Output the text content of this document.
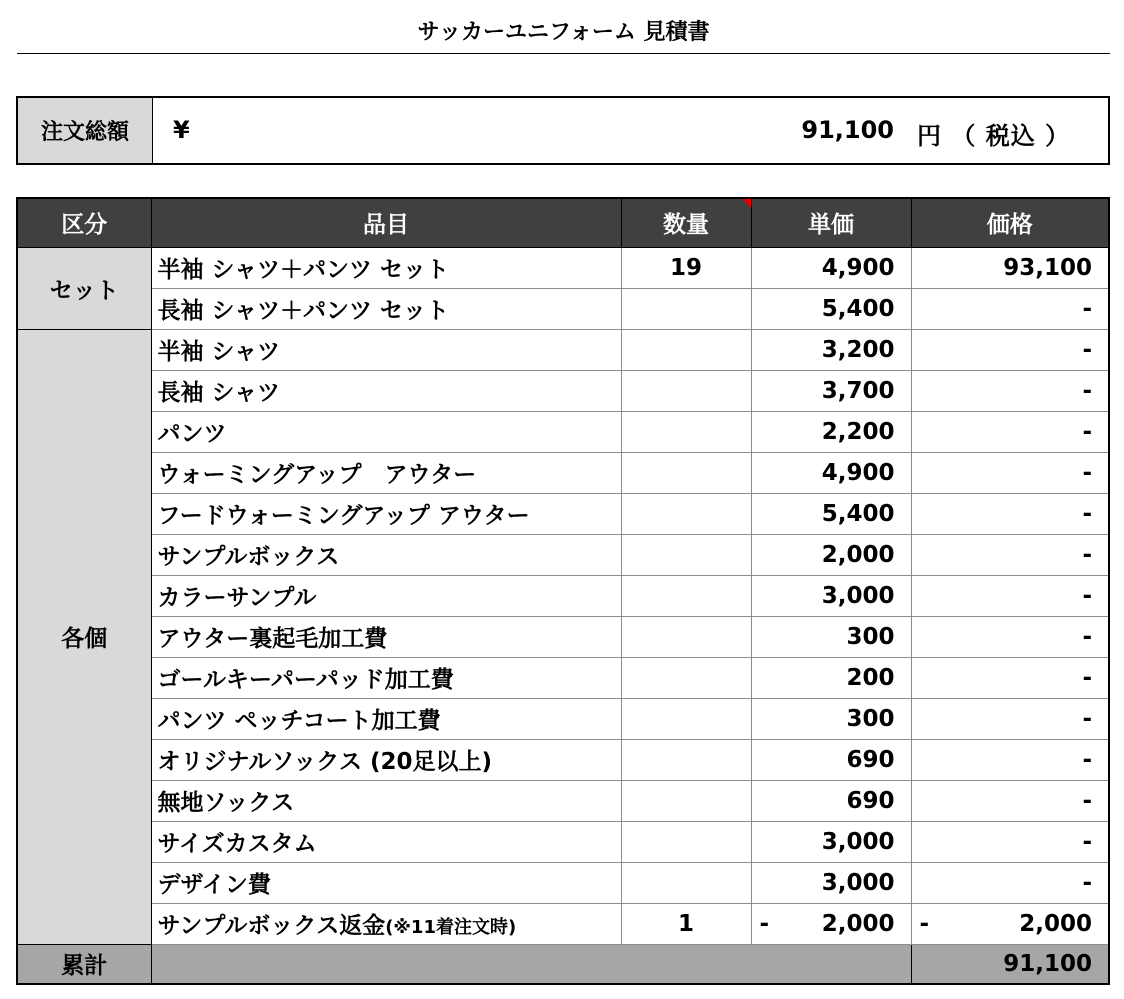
サッカーユニフォーム 見積書
注文総額	¥	91,100 円 （ 税込 ）
区分	品目	数量	単価	価格
セット	半袖 シャツ＋パンツ セット	19	4,900	93,100
	長袖 シャツ＋パンツ セット		5,400	-
各個	半袖 シャツ		3,200	-
	長袖 シャツ		3,700	-
	パンツ		2,200	-
	ウォーミングアップ　アウター		4,900	-
	フードウォーミングアップ アウター		5,400	-
	サンプルボックス		2,000	-
	カラーサンプル		3,000	-
	アウター裏起毛加工費		300	-
	ゴールキーパーパッド加工費		200	-
	パンツ ペッチコート加工費		300	-
	オリジナルソックス (20足以上)		690	-
	無地ソックス		690	-
	サイズカスタム		3,000	-
	デザイン費		3,000	-
	サンプルボックス返金(※11着注文時)	1	- 2,000	- 2,000
累計				91,100
